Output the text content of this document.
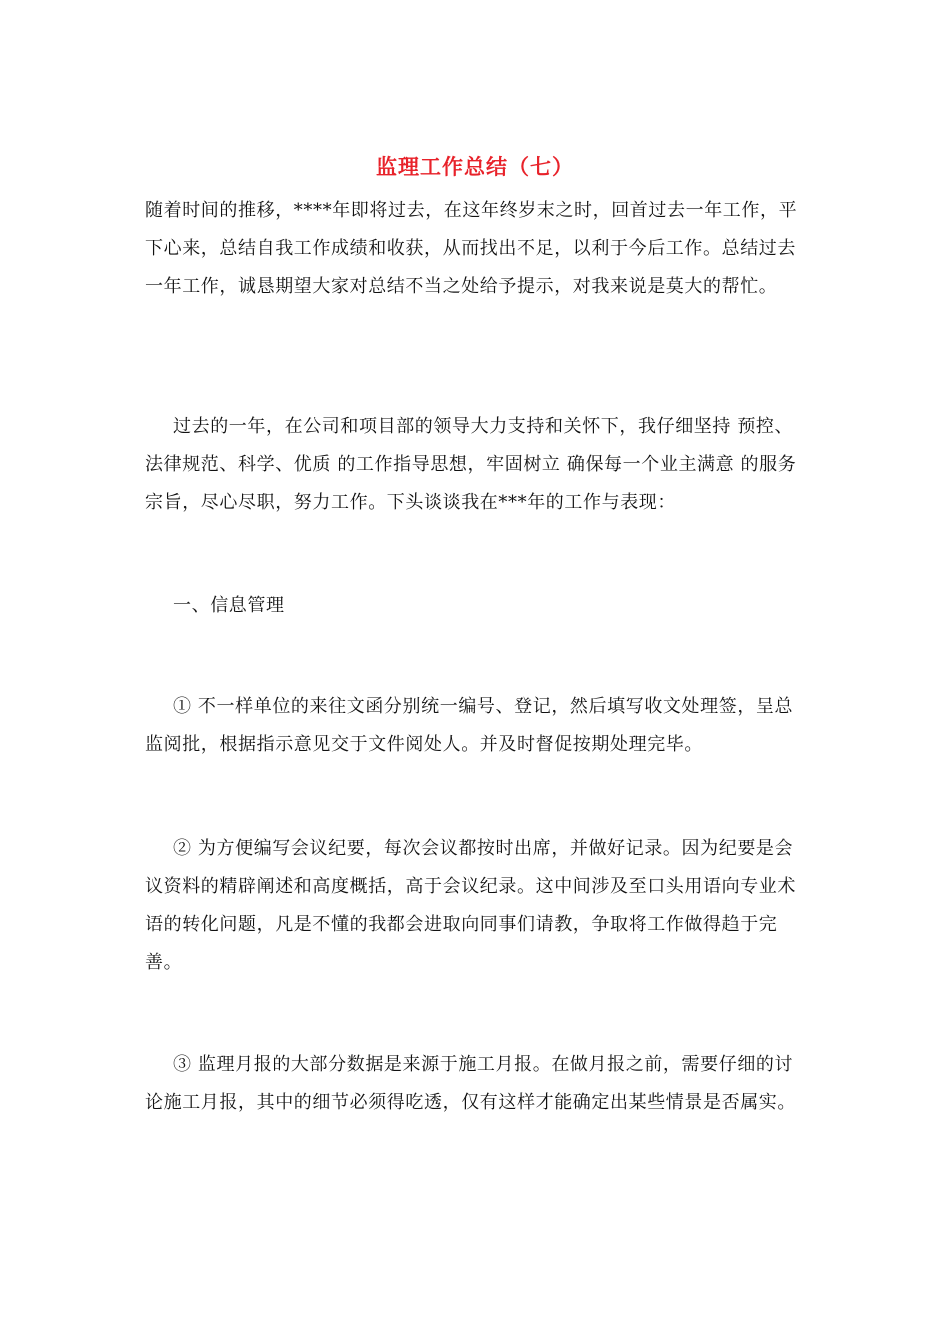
监理工作总结（七）
随着时间的推移，****年即将过去，在这年终岁末之时，回首过去一年工作，平下心来，总结自我工作成绩和收获，从而找出不足，以利于今后工作。总结过去一年工作，诚恳期望大家对总结不当之处给予提示，对我来说是莫大的帮忙。
过去的一年，在公司和项目部的领导大力支持和关怀下，我仔细坚持 预控、法律规范、科学、优质 的工作指导思想，牢固树立 确保每一个业主满意 的服务宗旨，尽心尽职，努力工作。下头谈谈我在***年的工作与表现：
一、信息管理
① 不一样单位的来往文函分别统一编号、登记，然后填写收文处理签，呈总监阅批，根据指示意见交于文件阅处人。并及时督促按期处理完毕。
② 为方便编写会议纪要，每次会议都按时出席，并做好记录。因为纪要是会议资料的精辟阐述和高度概括，高于会议纪录。这中间涉及至口头用语向专业术语的转化问题，凡是不懂的我都会进取向同事们请教，争取将工作做得趋于完善。
③ 监理月报的大部分数据是来源于施工月报。在做月报之前，需要仔细的讨论施工月报，其中的细节必须得吃透，仅有这样才能确定出某些情景是否属实。
